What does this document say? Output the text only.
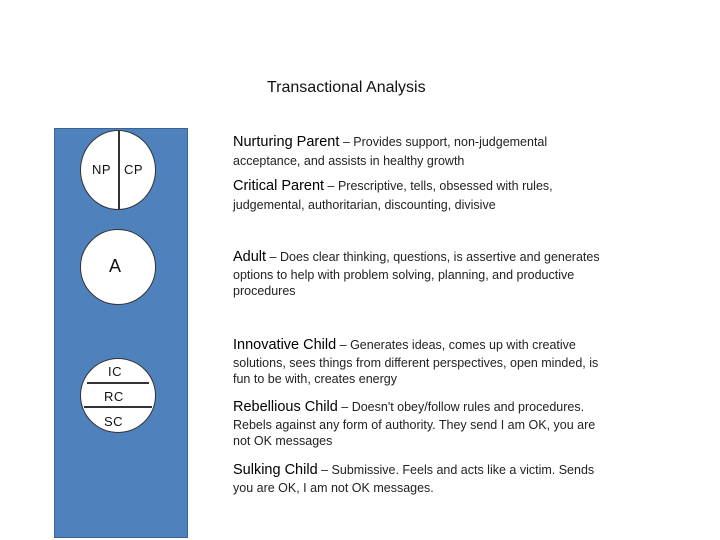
Transactional Analysis
NP CP
A
IC
RC
SC
Nurturing Parent – Provides support, non-judgemental
acceptance, and assists in healthy growth
Critical Parent – Prescriptive, tells, obsessed with rules,
judgemental, authoritarian, discounting, divisive
Adult – Does clear thinking, questions, is assertive and generates
options to help with problem solving, planning, and productive
procedures
Innovative Child – Generates ideas, comes up with creative
solutions, sees things from different perspectives, open minded, is
fun to be with, creates energy
Rebellious Child – Doesn't obey/follow rules and procedures.
Rebels against any form of authority. They send I am OK, you are
not OK messages
Sulking Child – Submissive. Feels and acts like a victim. Sends
you are OK, I am not OK messages.
